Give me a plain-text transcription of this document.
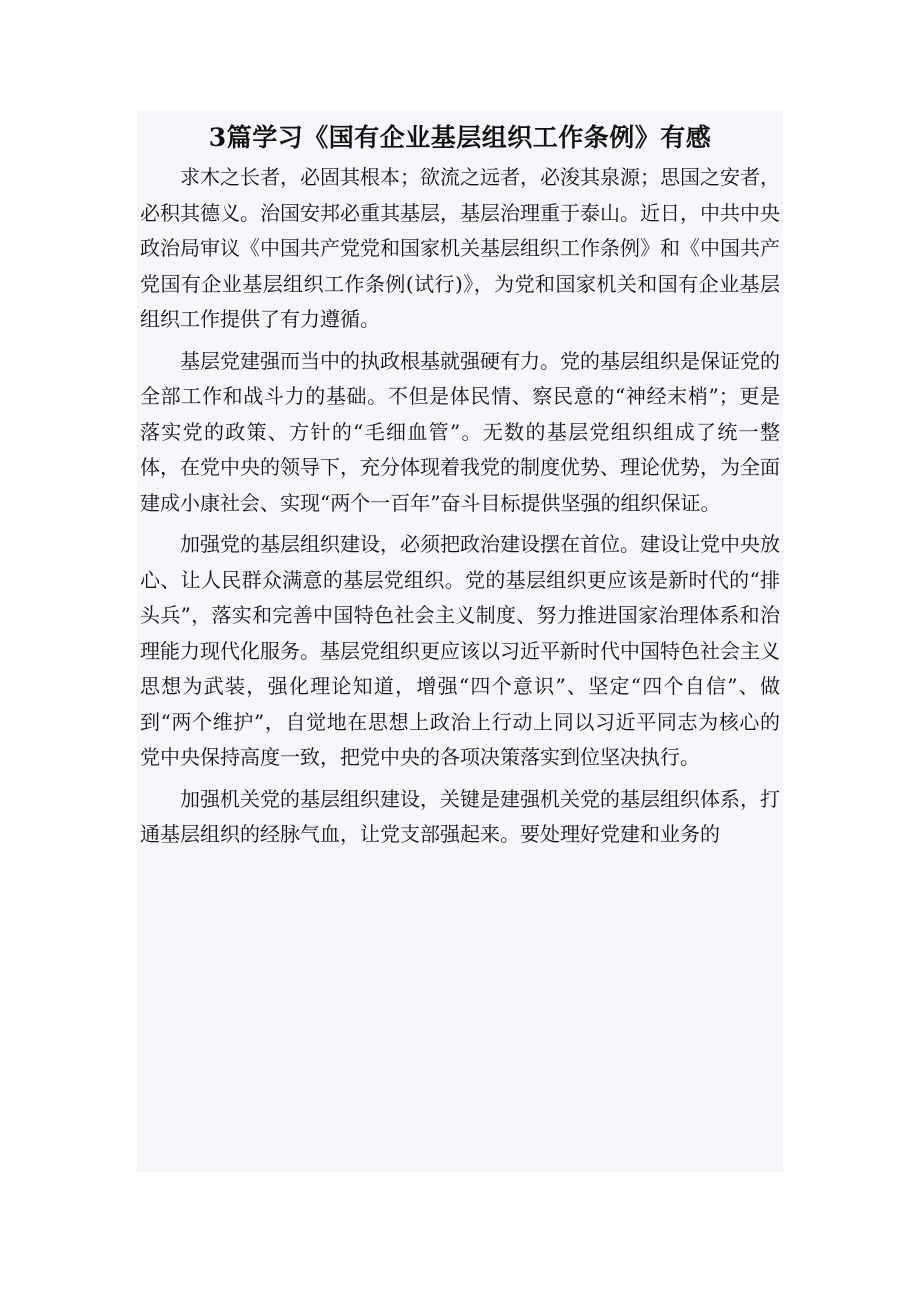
3篇学习《国有企业基层组织工作条例》有感

求木之长者，必固其根本；欲流之远者，必浚其泉源；思国之安者，必积其德义。治国安邦必重其基层，基层治理重于泰山。近日，中共中央政治局审议《中国共产党党和国家机关基层组织工作条例》和《中国共产党国有企业基层组织工作条例(试行)》，为党和国家机关和国有企业基层组织工作提供了有力遵循。

基层党建强而当中的执政根基就强硬有力。党的基层组织是保证党的全部工作和战斗力的基础。不但是体民情、察民意的“神经末梢”；更是落实党的政策、方针的“毛细血管”。无数的基层党组织组成了统一整体，在党中央的领导下，充分体现着我党的制度优势、理论优势，为全面建成小康社会、实现“两个一百年”奋斗目标提供坚强的组织保证。

加强党的基层组织建设，必须把政治建设摆在首位。建设让党中央放心、让人民群众满意的基层党组织。党的基层组织更应该是新时代的“排头兵”，落实和完善中国特色社会主义制度、努力推进国家治理体系和治理能力现代化服务。基层党组织更应该以习近平新时代中国特色社会主义思想为武装，强化理论知道，增强“四个意识”、坚定“四个自信”、做到“两个维护”，自觉地在思想上政治上行动上同以习近平同志为核心的党中央保持高度一致，把党中央的各项决策落实到位坚决执行。

加强机关党的基层组织建设，关键是建强机关党的基层组织体系，打通基层组织的经脉气血，让党支部强起来。要处理好党建和业务的
